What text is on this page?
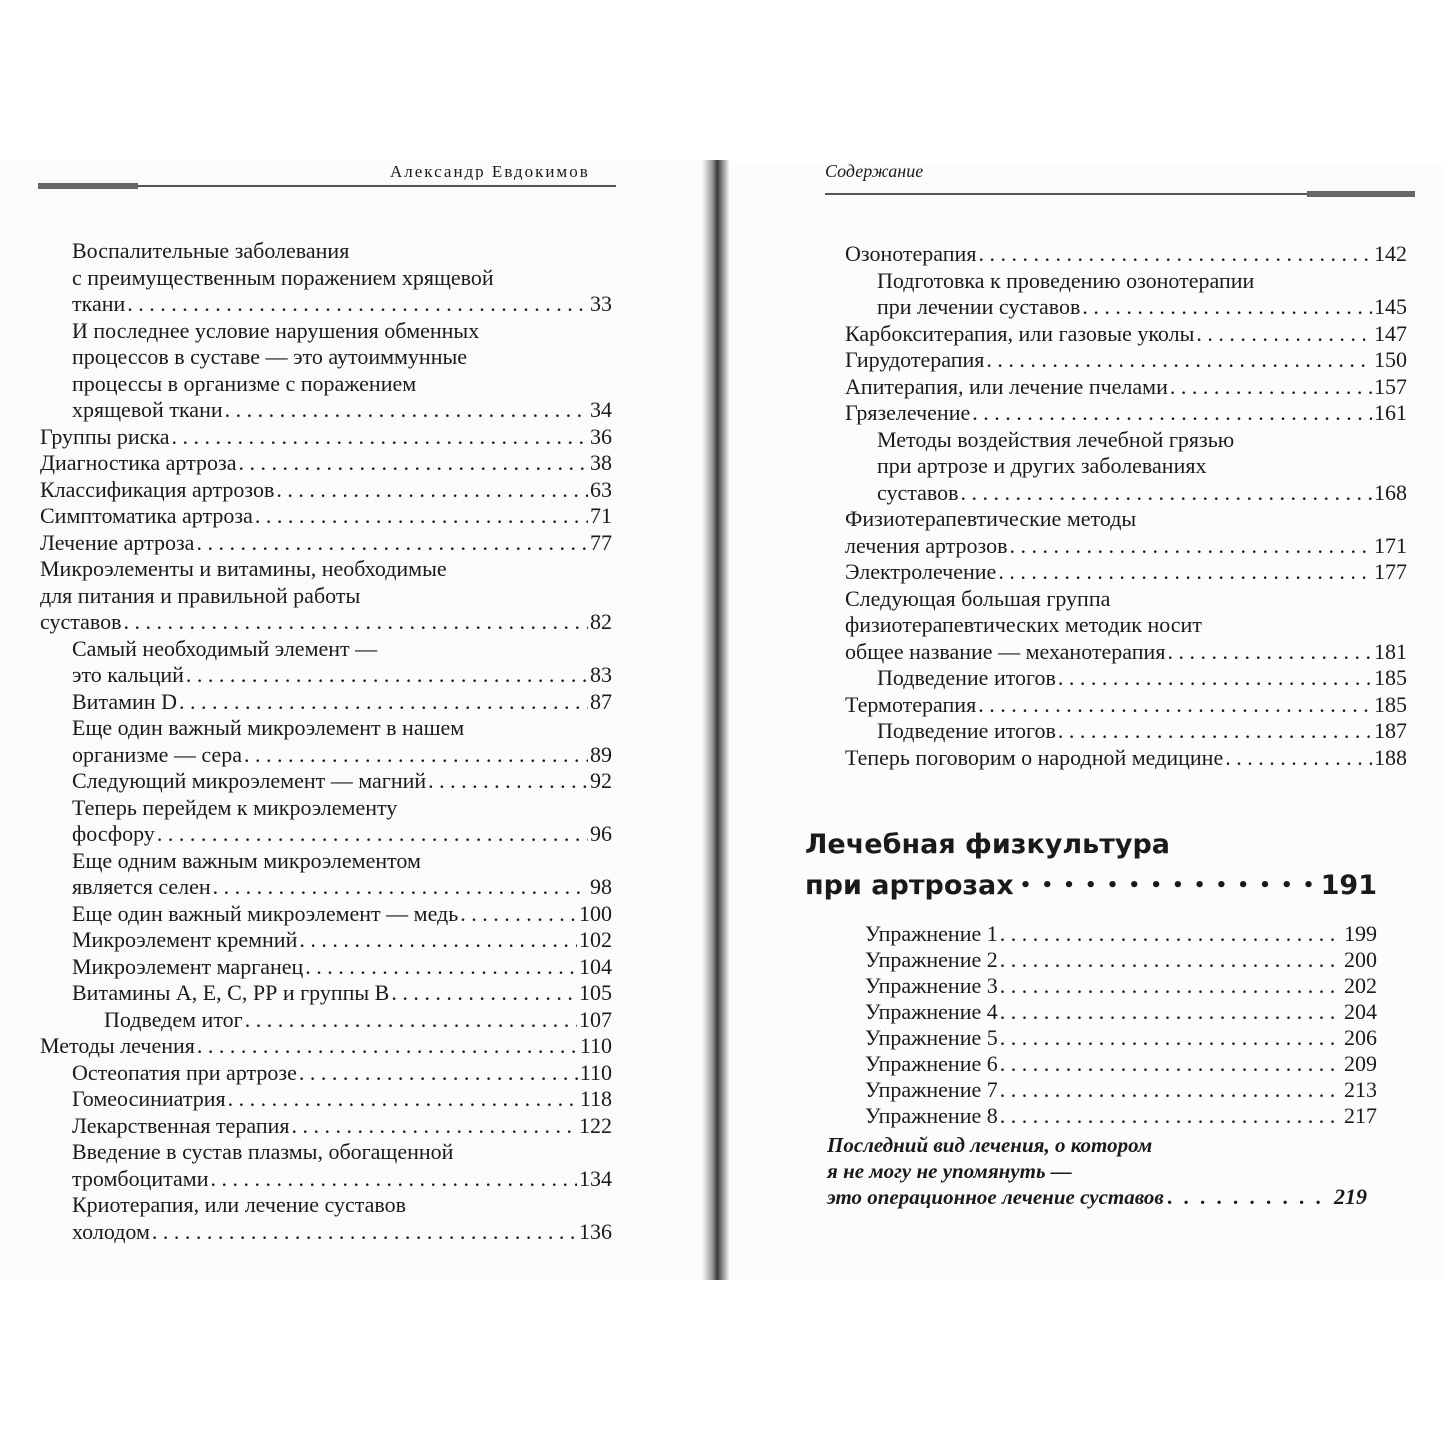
Александр Евдокимов	Содержание
Воспалительные заболевания
с преимущественным поражением хрящевой
ткани . . .	33
И последнее условие нарушения обменных
процессов в суставе — это аутоиммунные
процессы в организме с поражением
хрящевой ткани . . .	34
Группы риска . . .	36
Диагностика артроза . . .	38
Классификация артрозов . . .	63
Симптоматика артроза . . .	71
Лечение артроза . . .	77
Микроэлементы и витамины, необходимые
для питания и правильной работы
суставов . . .	82
Самый необходимый элемент —
это кальций . . .	83
Витамин D . . .	87
Еще один важный микроэлемент в нашем
организме — сера . . .	89
Следующий микроэлемент — магний . . .	92
Теперь перейдем к микроэлементу
фосфору . . .	96
Еще одним важным микроэлементом
является селен . . .	98
Еще один важный микроэлемент — медь . . .	100
Микроэлемент кремний . . .	102
Микроэлемент марганец . . .	104
Витамины А, Е, С, РР и группы В . . .	105
Подведем итог . . .	107
Методы лечения . . .	110
Остеопатия при артрозе . . .	110
Гомеосиниатрия . . .	118
Лекарственная терапия . . .	122
Введение в сустав плазмы, обогащенной
тромбоцитами . . .	134
Криотерапия, или лечение суставов
холодом . . .	136
Озонотерапия . . .	142
Подготовка к проведению озонотерапии
при лечении суставов . . .	145
Карбокситерапия, или газовые уколы . . .	147
Гирудотерапия . . .	150
Апитерапия, или лечение пчелами . . .	157
Грязелечение . . .	161
Методы воздействия лечебной грязью
при артрозе и других заболеваниях
суставов . . .	168
Физиотерапевтические методы
лечения артрозов . . .	171
Электролечение . . .	177
Следующая большая группа
физиотерапевтических методик носит
общее название — механотерапия . . .	181
Подведение итогов . . .	185
Термотерапия . . .	185
Подведение итогов . . .	187
Теперь поговорим о народной медицине . . .	188
Лечебная физкультура
при артрозах • • •	191
Упражнение 1 . . .	199
Упражнение 2 . . .	200
Упражнение 3 . . .	202
Упражнение 4 . . .	204
Упражнение 5 . . .	206
Упражнение 6 . . .	209
Упражнение 7 . . .	213
Упражнение 8 . . .	217
Последний вид лечения, о котором
я не могу не упомянуть —
это операционное лечение суставов . . .	219
